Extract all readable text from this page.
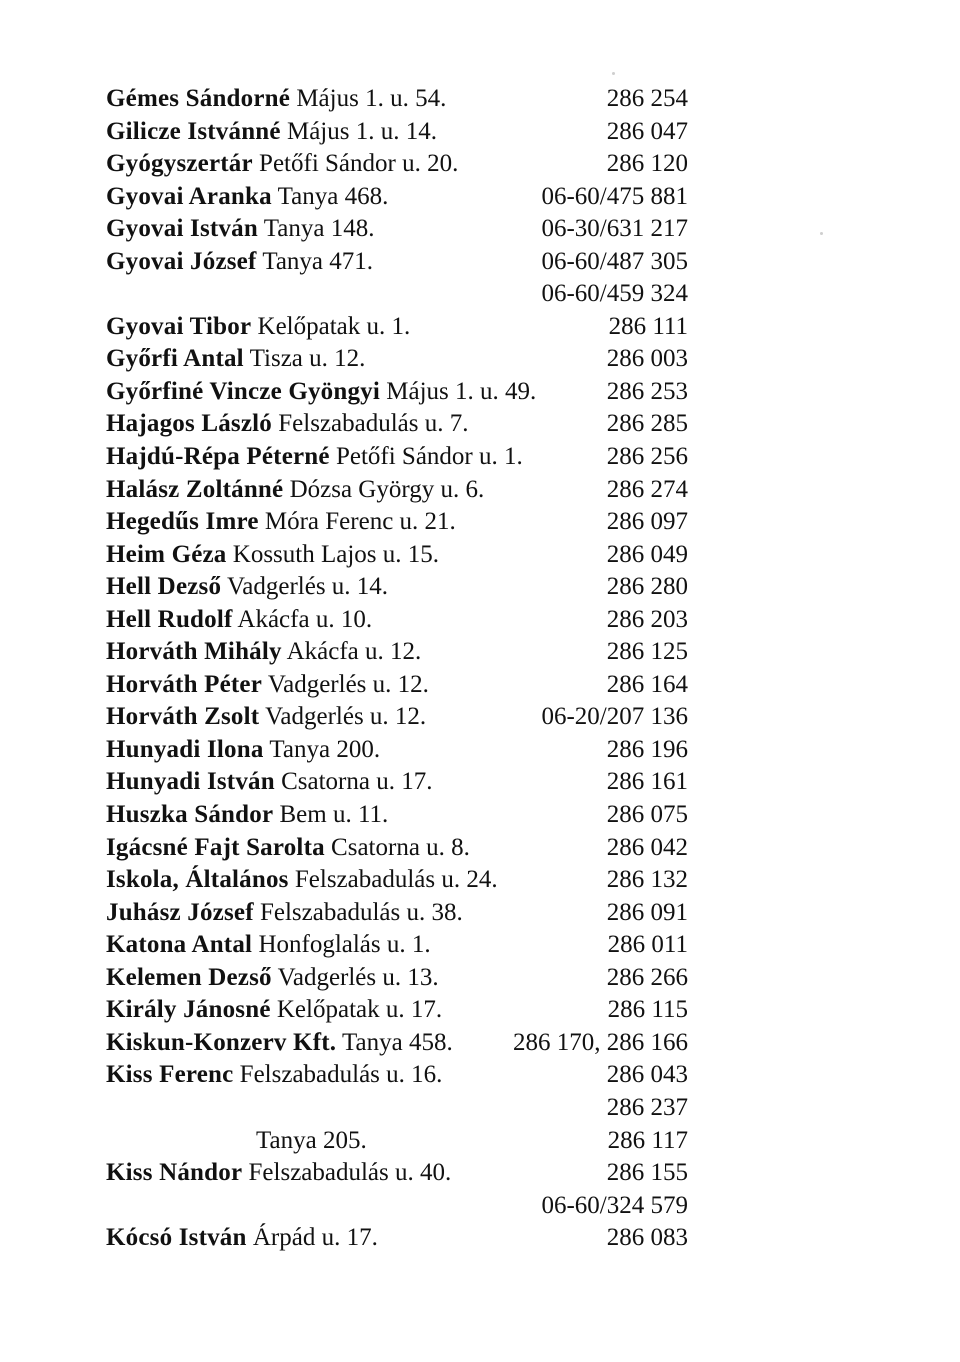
Gémes Sándorné Május 1. u. 54.	286 254
Gilicze Istvánné Május 1. u. 14.	286 047
Gyógyszertár Petőfi Sándor u. 20.	286 120
Gyovai Aranka Tanya 468.	06-60/475 881
Gyovai István Tanya 148.	06-30/631 217
Gyovai József Tanya 471.	06-60/487 305
06-60/459 324
Gyovai Tibor Kelőpatak u. 1.	286 111
Győrfi Antal Tisza u. 12.	286 003
Győrfiné Vincze Gyöngyi Május 1. u. 49.	286 253
Hajagos László Felszabadulás u. 7.	286 285
Hajdú-Répa Péterné Petőfi Sándor u. 1.	286 256
Halász Zoltánné Dózsa György u. 6.	286 274
Hegedűs Imre Móra Ferenc u. 21.	286 097
Heim Géza Kossuth Lajos u. 15.	286 049
Hell Dezső Vadgerlés u. 14.	286 280
Hell Rudolf Akácfa u. 10.	286 203
Horváth Mihály Akácfa u. 12.	286 125
Horváth Péter Vadgerlés u. 12.	286 164
Horváth Zsolt Vadgerlés u. 12.	06-20/207 136
Hunyadi Ilona Tanya 200.	286 196
Hunyadi István Csatorna u. 17.	286 161
Huszka Sándor Bem u. 11.	286 075
Igácsné Fajt Sarolta Csatorna u. 8.	286 042
Iskola, Általános Felszabadulás u. 24.	286 132
Juhász József Felszabadulás u. 38.	286 091
Katona Antal Honfoglalás u. 1.	286 011
Kelemen Dezső Vadgerlés u. 13.	286 266
Király Jánosné Kelőpatak u. 17.	286 115
Kiskun-Konzerv Kft. Tanya 458. 286 170, 286 166
Kiss Ferenc Felszabadulás u. 16.	286 043
286 237
Tanya 205.	286 117
Kiss Nándor Felszabadulás u. 40.	286 155
06-60/324 579
Kócsó István Árpád u. 17.	286 083
